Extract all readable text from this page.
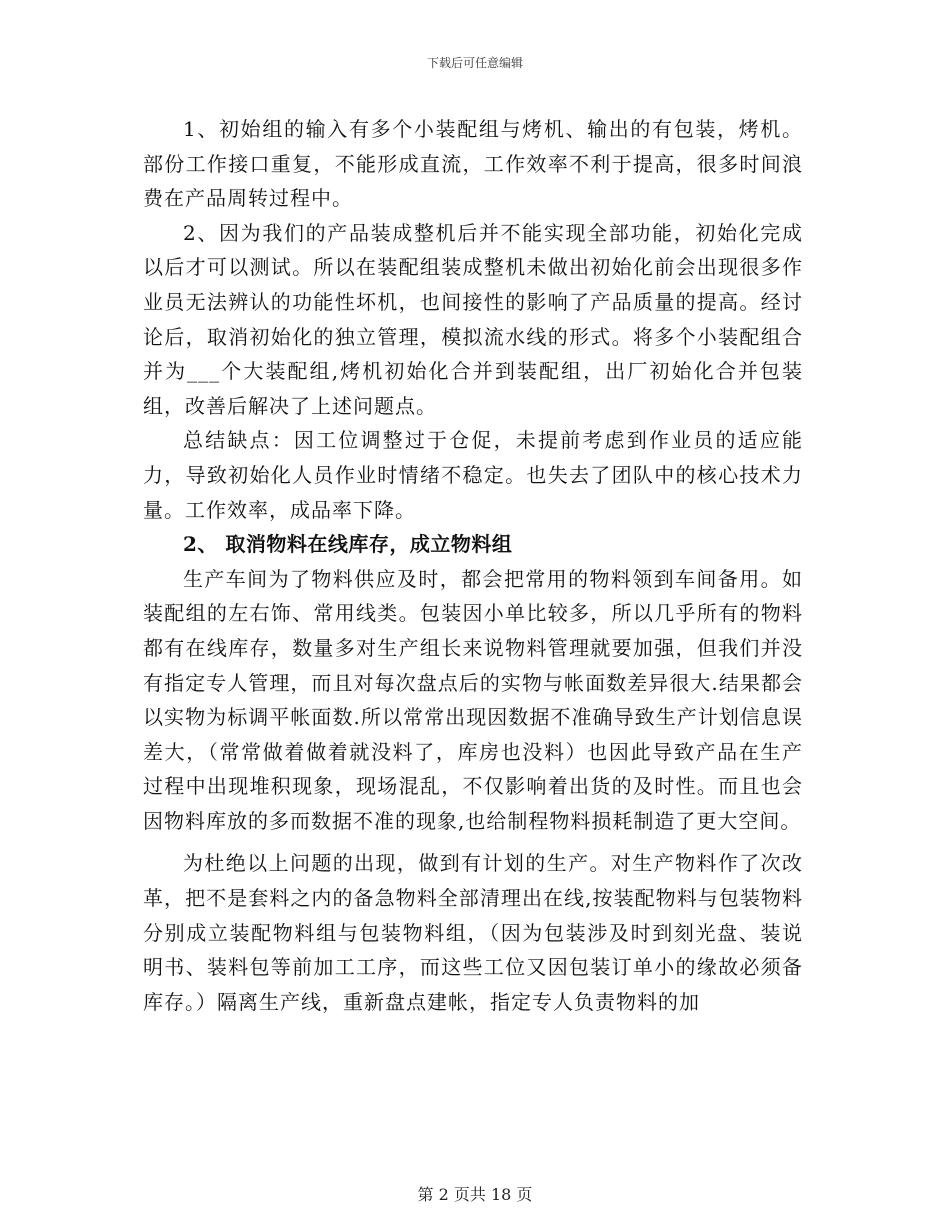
下载后可任意编辑

1、初始组的输入有多个小装配组与烤机、输出的有包装，烤机。部份工作接口重复，不能形成直流，工作效率不利于提高，很多时间浪费在产品周转过程中。

2、因为我们的产品装成整机后并不能实现全部功能，初始化完成以后才可以测试。所以在装配组装成整机未做出初始化前会出现很多作业员无法辨认的功能性坏机，也间接性的影响了产品质量的提高。经讨论后，取消初始化的独立管理，模拟流水线的形式。将多个小装配组合并为___个大装配组,烤机初始化合并到装配组，出厂初始化合并包装组，改善后解决了上述问题点。

总结缺点：因工位调整过于仓促，未提前考虑到作业员的适应能力，导致初始化人员作业时情绪不稳定。也失去了团队中的核心技术力量。工作效率，成品率下降。

2、 取消物料在线库存，成立物料组

生产车间为了物料供应及时，都会把常用的物料领到车间备用。如装配组的左右饰、常用线类。包装因小单比较多，所以几乎所有的物料都有在线库存，数量多对生产组长来说物料管理就要加强，但我们并没有指定专人管理，而且对每次盘点后的实物与帐面数差异很大.结果都会以实物为标调平帐面数.所以常常出现因数据不准确导致生产计划信息误差大，（常常做着做着就没料了，库房也没料）也因此导致产品在生产过程中出现堆积现象，现场混乱，不仅影响着出货的及时性。而且也会因物料库放的多而数据不准的现象,也给制程物料损耗制造了更大空间。

为杜绝以上问题的出现，做到有计划的生产。对生产物料作了次改革，把不是套料之内的备急物料全部清理出在线,按装配物料与包装物料分别成立装配物料组与包装物料组，（因为包装涉及时到刻光盘、装说明书、装料包等前加工工序，而这些工位又因包装订单小的缘故必须备库存。）隔离生产线，重新盘点建帐，指定专人负责物料的加

第 2 页共 18 页
